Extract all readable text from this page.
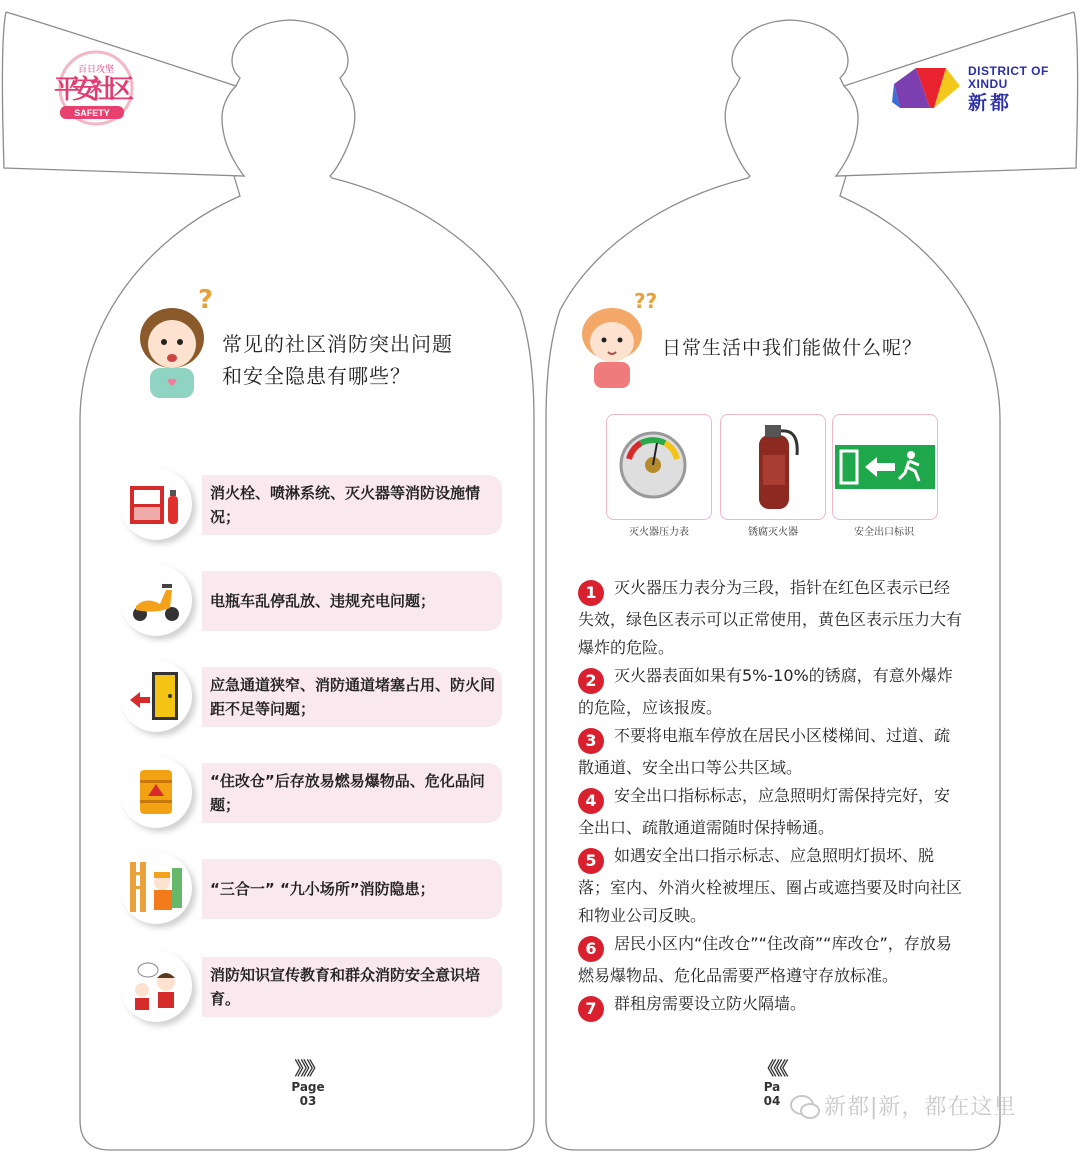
百日攻坚
平安社区
SAFETY
DISTRICT OF
XINDU
新都
?
常见的社区消防突出问题
和安全隐患有哪些？
消火栓、喷淋系统、灭火器等消防设施情况；
电瓶车乱停乱放、违规充电问题；
应急通道狭窄、消防通道堵塞占用、防火间距不足等问题；
“住改仓”后存放易燃易爆物品、危化品问题；
“三合一” “九小场所”消防隐患；
消防知识宣传教育和群众消防安全意识培育。
》》》
Page
03
??
日常生活中我们能做什么呢？
灭火器压力表	锈腐灭火器	安全出口标识
1 灭火器压力表分为三段，指针在红色区表示已经失效，绿色区表示可以正常使用，黄色区表示压力大有爆炸的危险。
2 灭火器表面如果有5%-10%的锈腐，有意外爆炸的危险，应该报废。
3 不要将电瓶车停放在居民小区楼梯间、过道、疏散通道、安全出口等公共区域。
4 安全出口指标标志，应急照明灯需保持完好，安全出口、疏散通道需随时保持畅通。
5 如遇安全出口指示标志、应急照明灯损坏、脱落；室内、外消火栓被埋压、圈占或遮挡要及时向社区和物业公司反映。
6 居民小区内“住改仓”“住改商”“库改仓”，存放易燃易爆物品、危化品需要严格遵守存放标准。
7 群租房需要设立防火隔墙。
《《《
Pa
04	新都|新，都在这里
